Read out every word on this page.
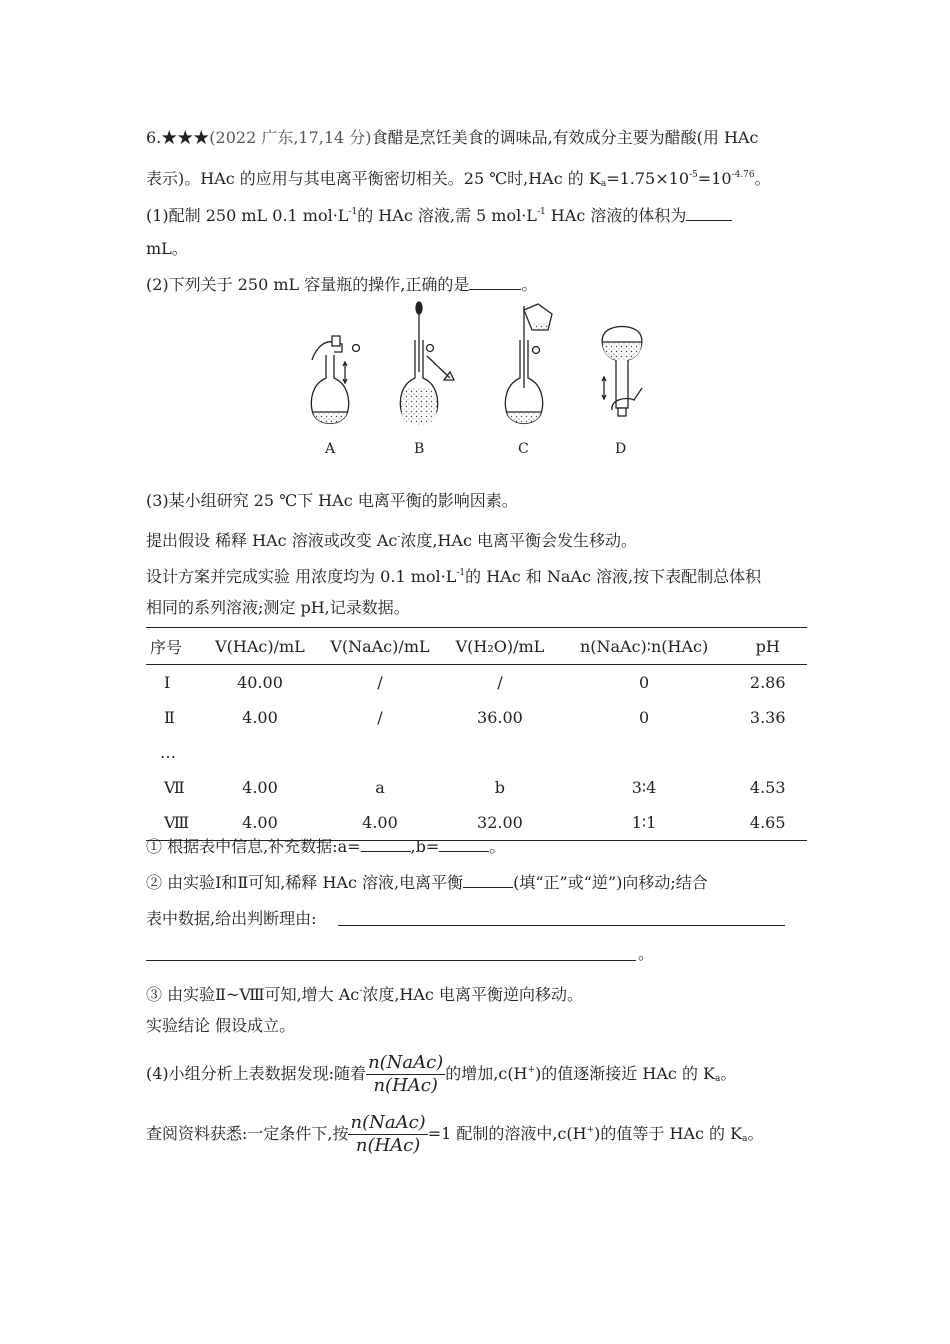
6.★★★(2022 广东,17,14 分)食醋是烹饪美食的调味品,有效成分主要为醋酸(用 HAc
表示)。HAc 的应用与其电离平衡密切相关。25 ℃时,HAc 的 $K_a=1.75\times 10^{-5}=10^{-4.76}$。
(1)配制 250 mL 0.1 $mol\cdot L^{-1}$的 HAc 溶液,需 5 $mol\cdot L^{-1}$ HAc 溶液的体积为
mL。
(2)下列关于 250 mL 容量瓶的操作,正确的是	。
A	B	C	D
(3)某小组研究 25 ℃下 HAc 电离平衡的影响因素。
提出假设 稀释 HAc 溶液或改变 Ac-浓度,HAc 电离平衡会发生移动。
设计方案并完成实验 用浓度均为 0.1 $mol\cdot L^{-1}$的 HAc 和 NaAc 溶液,按下表配制总体积
相同的系列溶液;测定 pH,记录数据。
序号	V(HAc)/mL	V(NaAc)/mL	V(H₂O)/mL	n(NaAc)∶n(HAc)	pH
Ⅰ	40.00	/	/	0	2.86
Ⅱ	4.00	/	36.00	0	3.36
…					
Ⅶ	4.00	a	b	3∶4	4.53
Ⅷ	4.00	4.00	32.00	1∶1	4.65
① 根据表中信息,补充数据:a=	,b=	。
② 由实验Ⅰ和Ⅱ可知,稀释 HAc 溶液,电离平衡	(填“正”或“逆”)向移动;结合
表中数据,给出判断理由:
。
③ 由实验Ⅱ~Ⅷ可知,增大 Ac-浓度,HAc 电离平衡逆向移动。
实验结论 假设成立。
(4)小组分析上表数据发现:随着 $\frac{\text{n(NaAc)}}{\text{n(HAc)}}$ 的增加,c(H+)的值逐渐接近 HAc 的 $K_a$。
查阅资料获悉:一定条件下,按 $\frac{\text{n(NaAc)}}{\text{n(HAc)}} =1$ 配制的溶液中,c(H+)的值等于 HAc 的 $K_a$。
